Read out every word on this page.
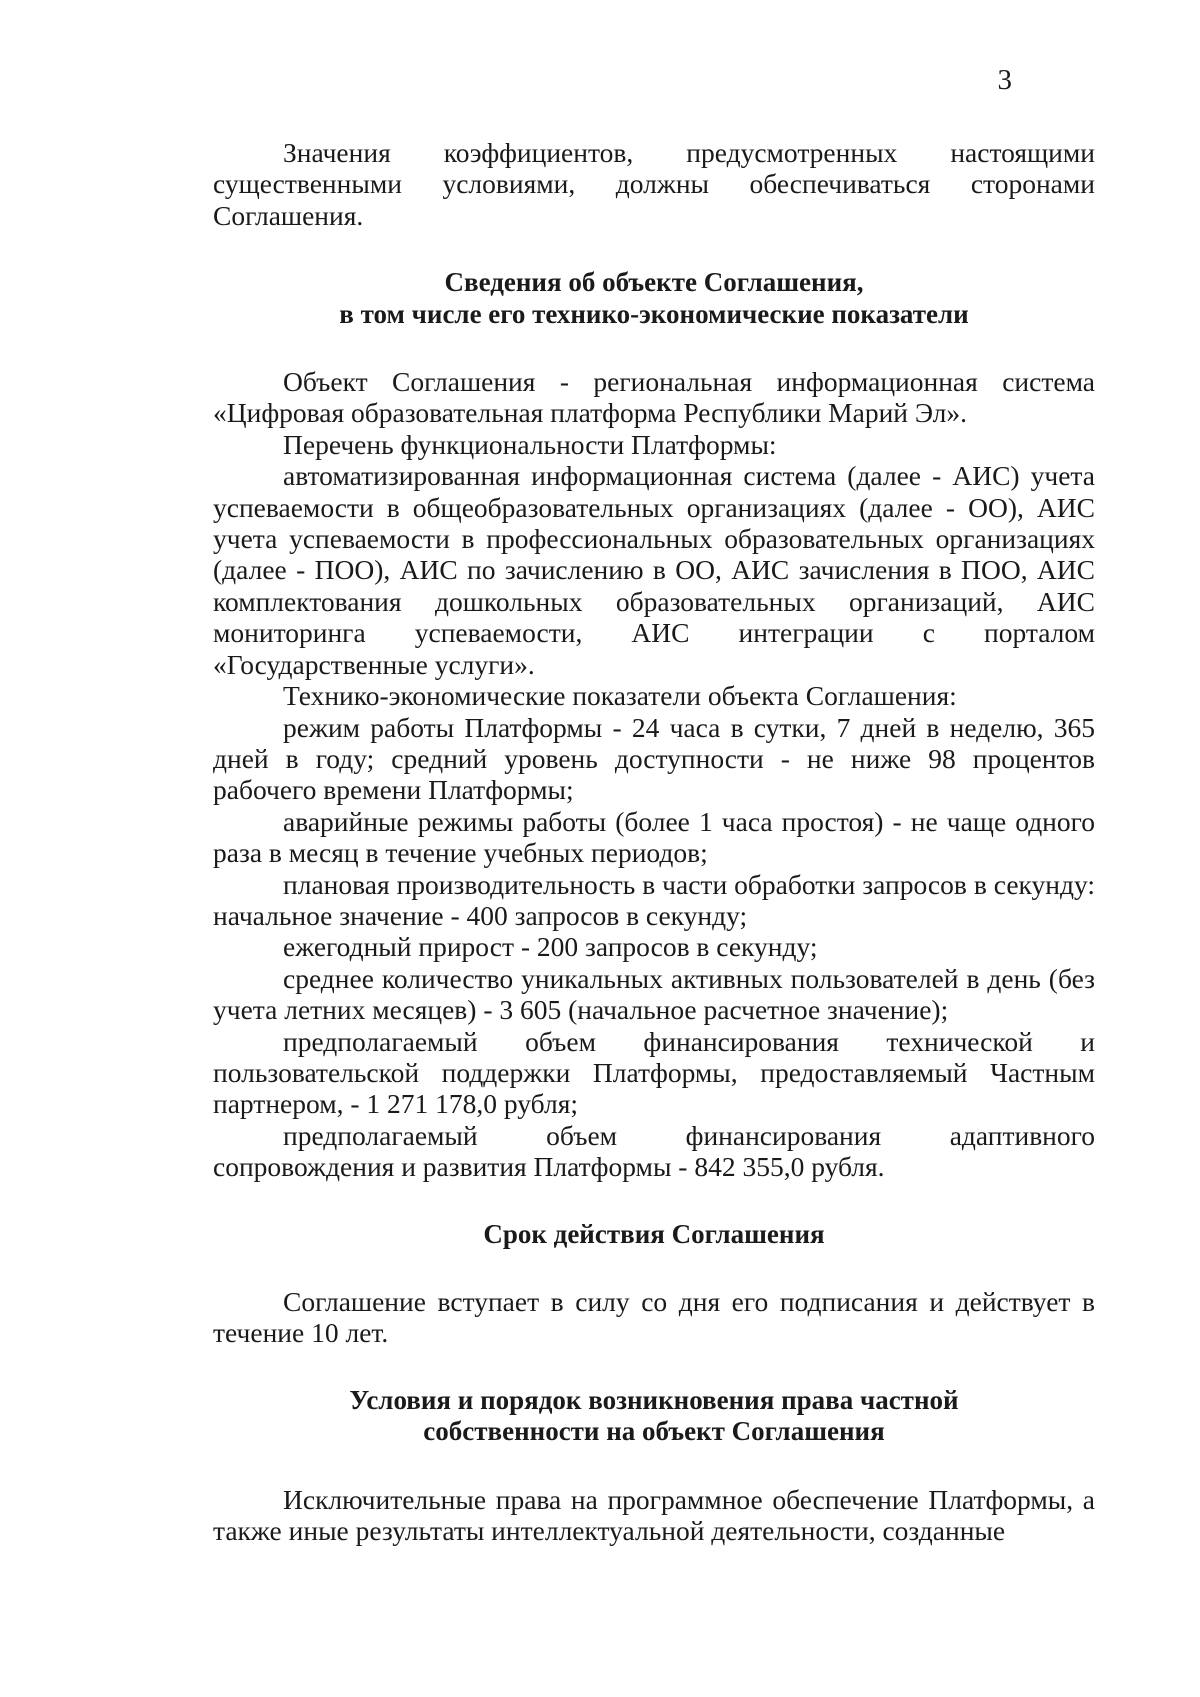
3

Значения коэффициентов, предусмотренных настоящими существенными условиями, должны обеспечиваться сторонами Соглашения.

Сведения об объекте Соглашения,
в том числе его технико-экономические показатели

Объект Соглашения - региональная информационная система «Цифровая образовательная платформа Республики Марий Эл».

Перечень функциональности Платформы:

автоматизированная информационная система (далее - АИС) учета успеваемости в общеобразовательных организациях (далее - ОО), АИС учета успеваемости в профессиональных образовательных организациях (далее - ПОО), АИС по зачислению в ОО, АИС зачисления в ПОО, АИС комплектования дошкольных образовательных организаций, АИС мониторинга успеваемости, АИС интеграции с порталом «Государственные услуги».

Технико-экономические показатели объекта Соглашения:

режим работы Платформы - 24 часа в сутки, 7 дней в неделю, 365 дней в году; средний уровень доступности - не ниже 98 процентов рабочего времени Платформы;

аварийные режимы работы (более 1 часа простоя) - не чаще одного раза в месяц в течение учебных периодов;

плановая производительность в части обработки запросов в секунду: начальное значение - 400 запросов в секунду;

ежегодный прирост - 200 запросов в секунду;

среднее количество уникальных активных пользователей в день (без учета летних месяцев) - 3 605 (начальное расчетное значение);

предполагаемый объем финансирования технической и пользовательской поддержки Платформы, предоставляемый Частным партнером, - 1 271 178,0 рубля;

предполагаемый объем финансирования адаптивного сопровождения и развития Платформы - 842 355,0 рубля.

Срок действия Соглашения

Соглашение вступает в силу со дня его подписания и действует в течение 10 лет.

Условия и порядок возникновения права частной
собственности на объект Соглашения

Исключительные права на программное обеспечение Платформы, а также иные результаты интеллектуальной деятельности, созданные
